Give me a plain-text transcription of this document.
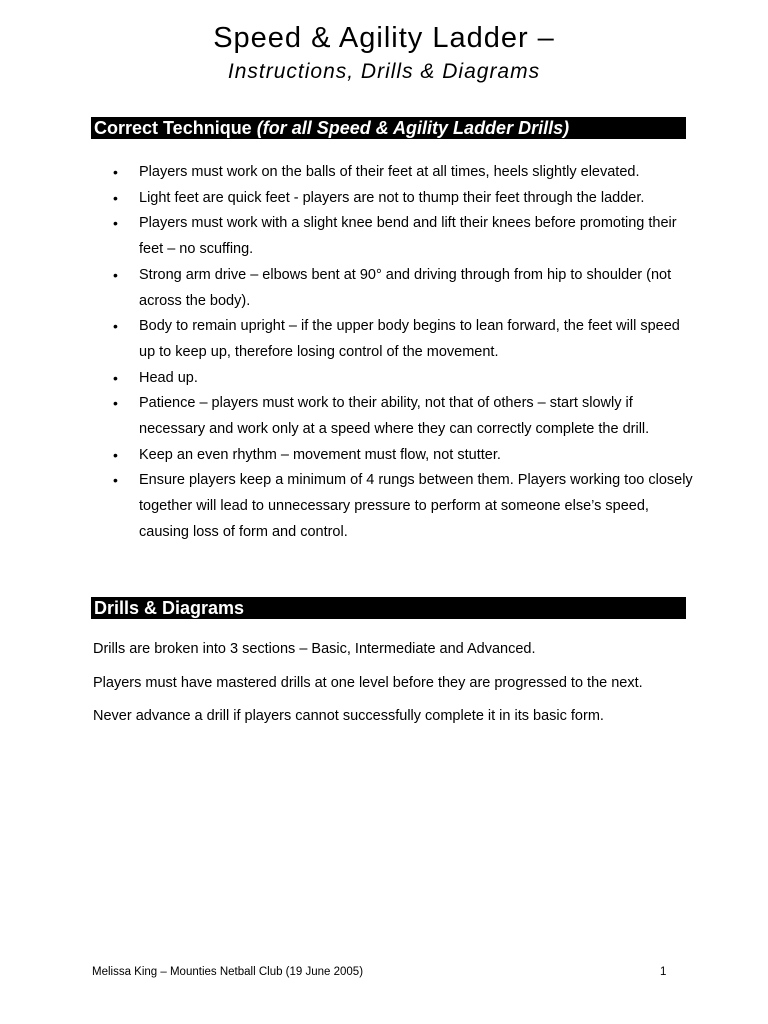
Speed & Agility Ladder –
Instructions, Drills & Diagrams
Correct Technique (for all Speed & Agility Ladder Drills)
• Players must work on the balls of their feet at all times, heels slightly elevated.
• Light feet are quick feet - players are not to thump their feet through the ladder.
• Players must work with a slight knee bend and lift their knees before promoting their feet – no scuffing.
• Strong arm drive – elbows bent at 90° and driving through from hip to shoulder (not across the body).
• Body to remain upright – if the upper body begins to lean forward, the feet will speed up to keep up, therefore losing control of the movement.
• Head up.
• Patience – players must work to their ability, not that of others – start slowly if necessary and work only at a speed where they can correctly complete the drill.
• Keep an even rhythm – movement must flow, not stutter.
• Ensure players keep a minimum of 4 rungs between them. Players working too closely together will lead to unnecessary pressure to perform at someone else’s speed, causing loss of form and control.
Drills & Diagrams
Drills are broken into 3 sections – Basic, Intermediate and Advanced.
Players must have mastered drills at one level before they are progressed to the next.
Never advance a drill if players cannot successfully complete it in its basic form.
Melissa King – Mounties Netball Club (19 June 2005)	1
